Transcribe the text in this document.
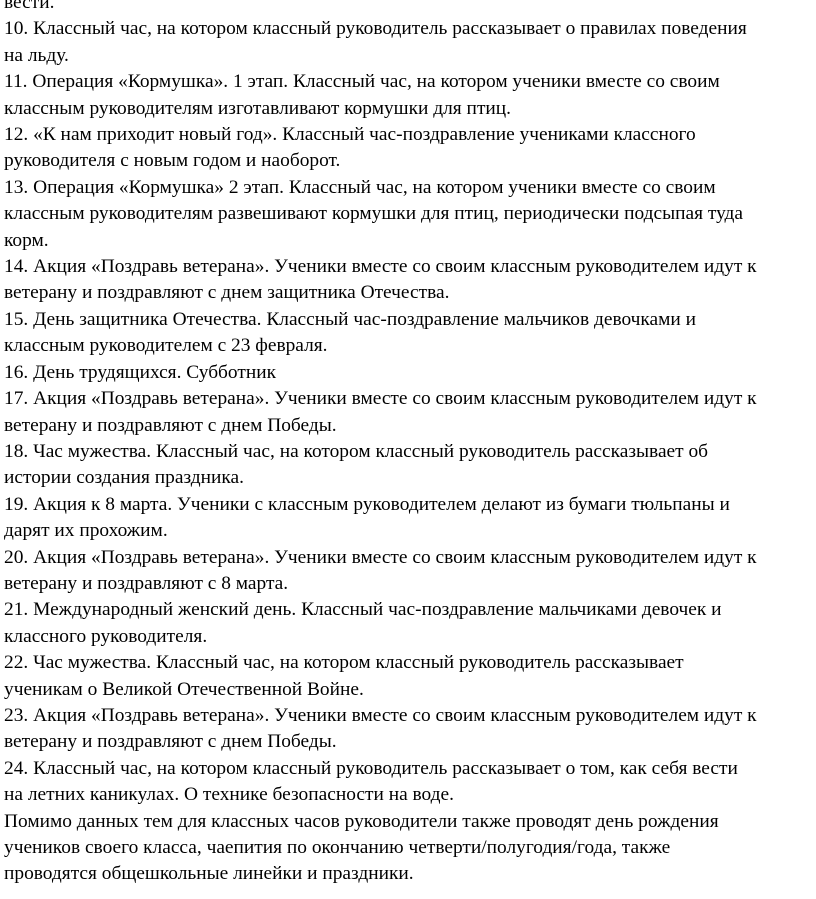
вести.

10. Классный час, на котором классный руководитель рассказывает о правилах поведения

на льду.

11. Операция «Кормушка». 1 этап. Классный час, на котором ученики вместе со своим

классным руководителям изготавливают кормушки для птиц.

12. «К нам приходит новый год». Классный час-поздравление учениками классного

руководителя с новым годом и наоборот.

13. Операция «Кормушка» 2 этап. Классный час, на котором ученики вместе со своим

классным руководителям развешивают кормушки для птиц, периодически подсыпая туда

корм.

14. Акция «Поздравь ветерана». Ученики вместе со своим классным руководителем идут к

ветерану и поздравляют с днем защитника Отечества.

15. День защитника Отечества. Классный час-поздравление мальчиков девочками и

классным руководителем с 23 февраля.

16. День трудящихся. Субботник

17. Акция «Поздравь ветерана». Ученики вместе со своим классным руководителем идут к

ветерану и поздравляют с днем Победы.

18. Час мужества. Классный час, на котором классный руководитель рассказывает об

истории создания праздника.

19. Акция к 8 марта. Ученики с классным руководителем делают из бумаги тюльпаны и

дарят их прохожим.

20. Акция «Поздравь ветерана». Ученики вместе со своим классным руководителем идут к

ветерану и поздравляют с 8 марта.

21. Международный женский день. Классный час-поздравление мальчиками девочек и

классного руководителя.

22. Час мужества. Классный час, на котором классный руководитель рассказывает

ученикам о Великой Отечественной Войне.

23. Акция «Поздравь ветерана». Ученики вместе со своим классным руководителем идут к

ветерану и поздравляют с днем Победы.

24. Классный час, на котором классный руководитель рассказывает о том, как себя вести

на летних каникулах. О технике безопасности на воде.

Помимо данных тем для классных часов руководители также проводят день рождения

учеников своего класса, чаепития по окончанию четверти/полугодия/года, также

проводятся общешкольные линейки и праздники.
